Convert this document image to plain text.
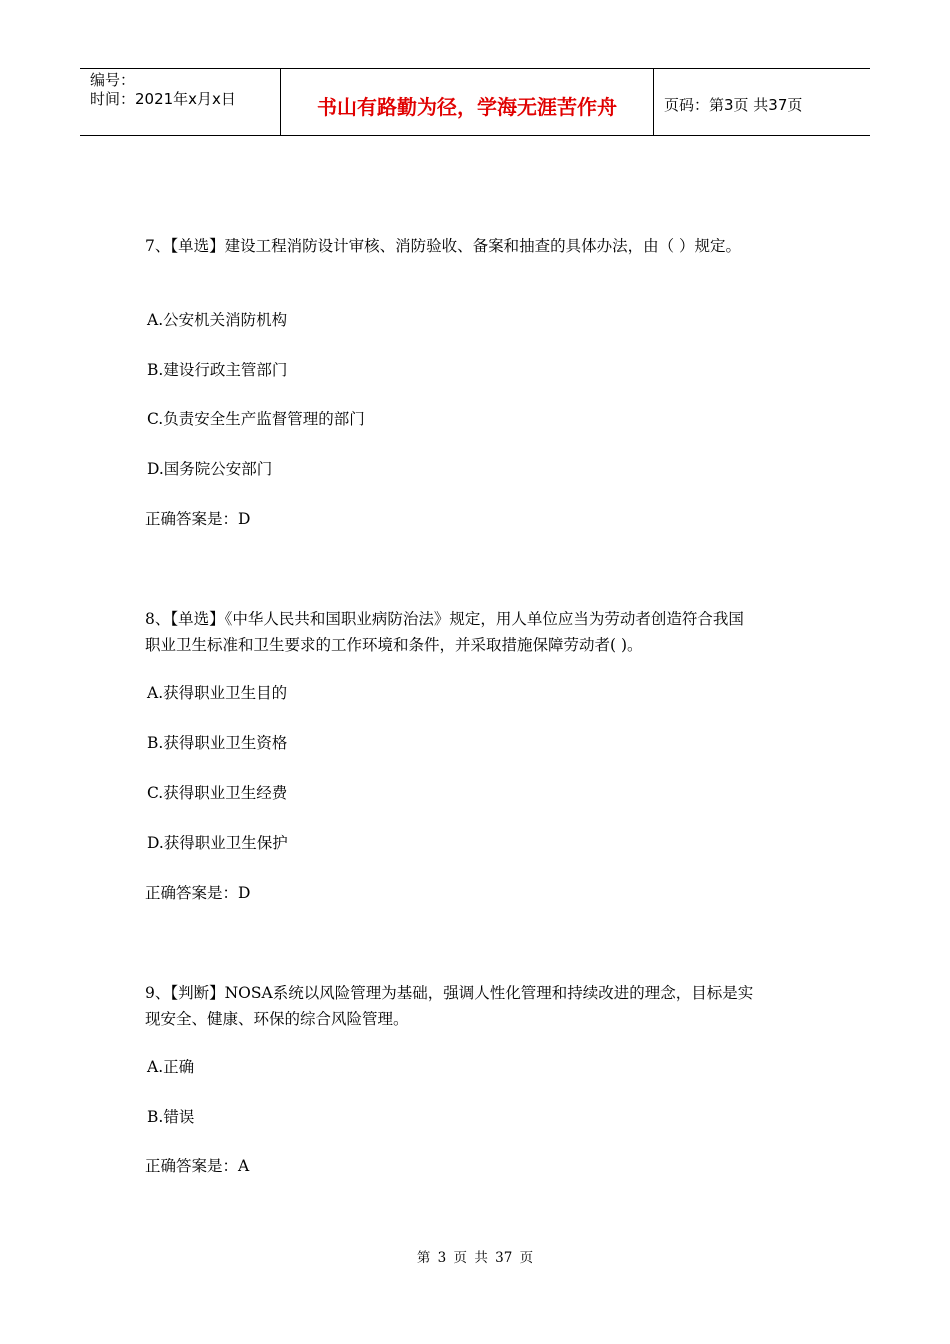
编号：
时间：2021年x月x日	书山有路勤为径，学海无涯苦作舟	页码：第3页 共37页
7、【单选】建设工程消防设计审核、消防验收、备案和抽查的具体办法，由（ ）规定。
A.公安机关消防机构
B.建设行政主管部门
C.负责安全生产监督管理的部门
D.国务院公安部门
正确答案是：D
8、【单选】《中华人民共和国职业病防治法》规定，用人单位应当为劳动者创造符合我国
职业卫生标准和卫生要求的工作环境和条件，并采取措施保障劳动者( )。
A.获得职业卫生目的
B.获得职业卫生资格
C.获得职业卫生经费
D.获得职业卫生保护
正确答案是：D
9、【判断】NOSA系统以风险管理为基础，强调人性化管理和持续改进的理念，目标是实
现安全、健康、环保的综合风险管理。
A.正确
B.错误
正确答案是：A
第 3 页 共 37 页
